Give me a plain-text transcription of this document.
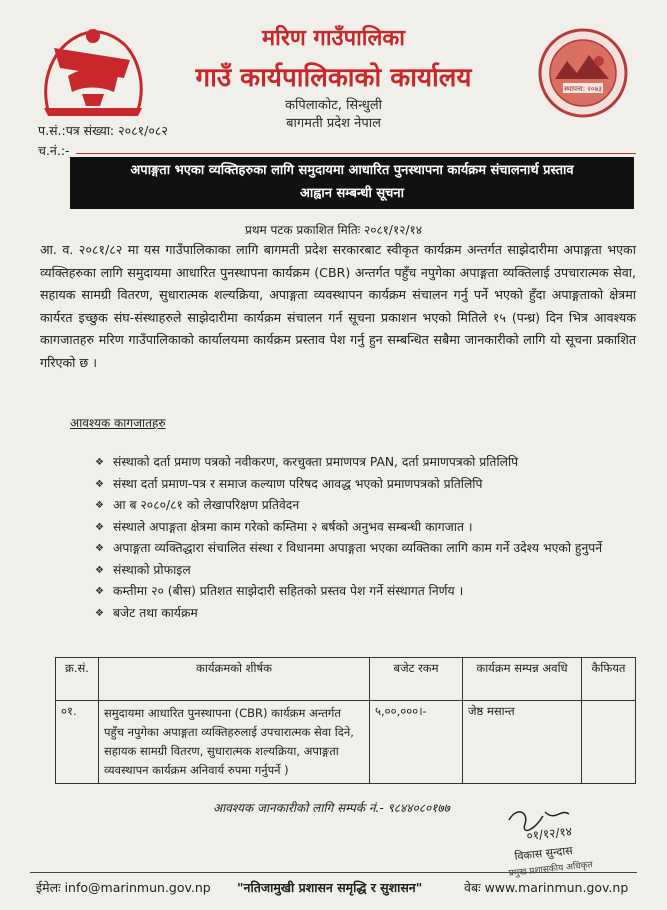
मरिण गाउँपालिका
गाउँ कार्यपालिकाको कार्यालय
कपिलाकोट, सिन्धुली
बागमती प्रदेश नेपाल
स्थापना: २०७३
प.सं.:पत्र संख्या: २०८१/०८२
च.नं.:-
अपाङ्गता भएका व्यक्तिहरुका लागि समुदायमा आधारित पुनस्थापना कार्यक्रम संचालनार्थ प्रस्ताव
आह्वान सम्बन्धी सूचना
प्रथम पटक प्रकाशित मितिः २०८१/१२/१४
आ. व. २०८१/८२ मा यस गाउँपालिकाका लागि बागमती प्रदेश सरकारबाट स्वीकृत कार्यक्रम अन्तर्गत साझेदारीमा अपाङ्गता भएका व्यक्तिहरुका लागि समुदायमा आधारित पुनस्थापना कार्यक्रम (CBR) अन्तर्गत पहुँच नपुगेका अपाङ्गता व्यक्तिलाई उपचारात्मक सेवा, सहायक सामग्री वितरण, सुधारात्मक शल्यक्रिया, अपाङ्गता व्यवस्थापन कार्यक्रम संचालन गर्नु पर्ने भएको हुँदा अपाङ्गताको क्षेत्रमा कार्यरत इच्छुक संघ-संस्थाहरुले साझेदारीमा कार्यक्रम संचालन गर्न सूचना प्रकाशन भएको मितिले १५ (पन्ध्र) दिन भित्र आवश्यक कागजातहरु मरिण गाउँपालिकाको कार्यालयमा कार्यक्रम प्रस्ताव पेश गर्नु हुन सम्बन्धित सबैमा जानकारीको लागि यो सूचना प्रकाशित गरिएको छ ।
आवश्यक कागजातहरु
❖ संस्थाको दर्ता प्रमाण पत्रको नवीकरण, करचुक्ता प्रमाणपत्र PAN, दर्ता प्रमाणपत्रको प्रतिलिपि
❖ संस्था दर्ता प्रमाण-पत्र र समाज कल्याण परिषद आवद्ध भएको प्रमाणपत्रको प्रतिलिपि
❖ आ ब २०८०/८१ को लेखापरिक्षण प्रतिवेदन
❖ संस्थाले अपाङ्गता क्षेत्रमा काम गरेको कम्तिमा २ बर्षको अनुभव सम्बन्धी कागजात ।
❖ अपाङ्गता व्यक्तिद्धारा संचालित संस्था र विधानमा अपाङ्गता भएका व्यक्तिका लागि काम गर्ने उदेश्य भएको हुनुपर्ने
❖ संस्थाको प्रोफाइल
❖ कम्तीमा २० (बीस) प्रतिशत साझेदारी सहितको प्रस्तव पेश गर्ने संस्थागत निर्णय ।
❖ बजेट तथा कार्यक्रम
क्र.सं.	कार्यक्रमको शीर्षक	बजेट रकम	कार्यक्रम सम्पन्न अवधि	कैफियत
०१.	समुदायमा आधारित पुनस्थापना (CBR) कार्यक्रम अन्तर्गत पहुँच नपुगेका अपाङ्गता व्यक्तिहरुलाई उपचारात्मक सेवा दिने, सहायक सामग्री वितरण, सुधारात्मक शल्यक्रिया, अपाङ्गता व्यवस्थापन कार्यक्रम अनिवार्य रुपमा गर्नुपर्ने )	५,००,०००।-	जेष्ठ मसान्त	
आवश्यक जानकारीको लागि सम्पर्क नं.- ९८४४०८०१७७
०१/१२/१४
विकास सुन्दास
प्रमुख प्रशासकीय अधिकृत
ईमेलः info@marinmun.gov.np "नतिजामुखी प्रशासन समृद्धि र सुशासन"	वेबः www.marinmun.gov.np
